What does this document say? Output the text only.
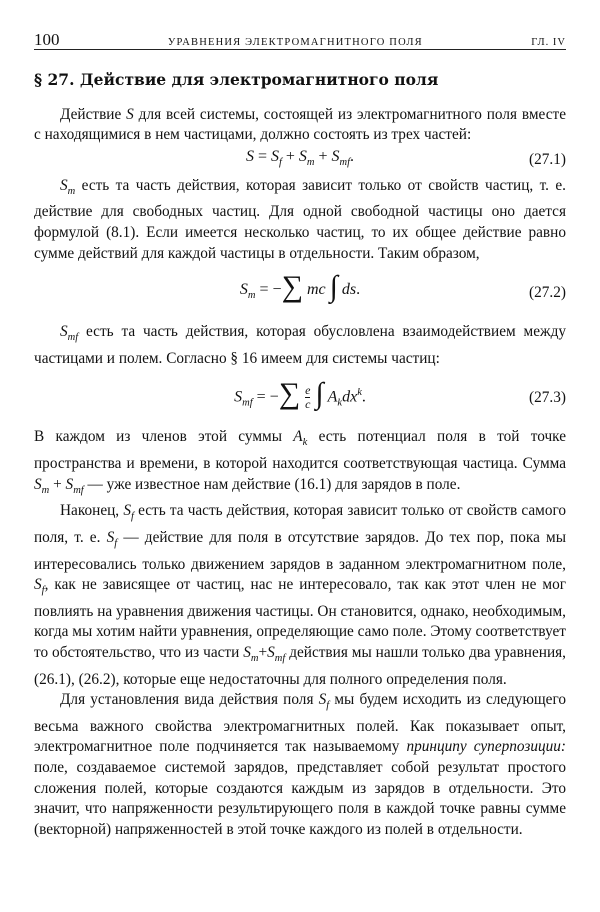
100	УРАВНЕНИЯ ЭЛЕКТРОМАГНИТНОГО ПОЛЯ	ГЛ. IV
§ 27. Действие для электромагнитного поля

Действие S для всей системы, состоящей из электромагнитного поля вместе с находящимися в нем частицами, должно состоять из трех частей:

$S = S_f + S_m + S_{mf}$.	(27.1)

$S_m$ есть та часть действия, которая зависит только от свойств частиц, т. е. действие для свободных частиц. Для одной свободной частицы оно дается формулой (8.1). Если имеется несколько частиц, то их общее действие равно сумме действий для каждой частицы в отдельности. Таким образом,

$S_m$ = −∑ mc ∫ ds.	(27.2)

$S_{mf}$ есть та часть действия, которая обусловлена взаимодействием между частицами и полем. Согласно § 16 имеем для системы частиц:

$S_{mf}$ = −∑ $\frac{e}{c}$ ∫ $A_kdx^k$.	(27.3)

В каждом из членов этой суммы $A_k$ есть потенциал поля в той точке пространства и времени, в которой находится соответствующая частица. Сумма $S_m + S_{mf}$ — уже известное нам действие (16.1) для зарядов в поле.

Наконец, $S_f$ есть та часть действия, которая зависит только от свойств самого поля, т. е. $S_f$ — действие для поля в отсутствие зарядов. До тех пор, пока мы интересовались только движением зарядов в заданном электромагнитном поле, $S_f$, как не зависящее от частиц, нас не интересовало, так как этот член не мог повлиять на уравнения движения частицы. Он становится, однако, необходимым, когда мы хотим найти уравнения, определяющие само поле. Этому соответствует то обстоятельство, что из части $S_m+S_{mf}$ действия мы нашли только два уравнения, (26.1), (26.2), которые еще недостаточны для полного определения поля.

Для установления вида действия поля $S_f$ мы будем исходить из следующего весьма важного свойства электромагнитных полей. Как показывает опыт, электромагнитное поле подчиняется так называемому принципу суперпозиции: поле, создаваемое системой зарядов, представляет собой результат простого сложения полей, которые создаются каждым из зарядов в отдельности. Это значит, что напряженности результирующего поля в каждой точке равны сумме (векторной) напряженностей в этой точке каждого из полей в отдельности.
